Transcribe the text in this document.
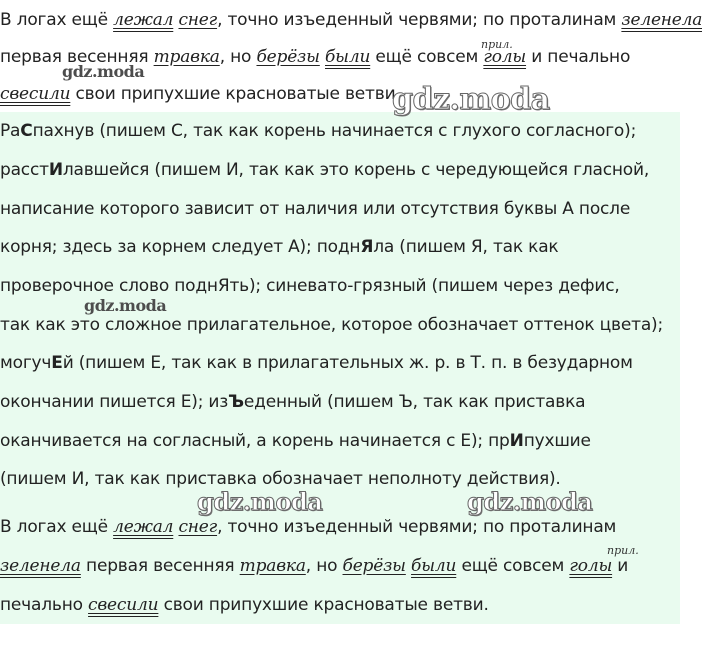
В логах ещё лежал снег, точно изъеденный червями; по проталинам зеленела
прил.
первая весенняя травка, но берёзы были ещё совсем голы и печально
свесили свои припухшие красноватые ветви.
РаСпахнув (пишем С, так как корень начинается с глухого согласного);
расстИлавшейся (пишем И, так как это корень с чередующейся гласной,
написание которого зависит от наличия или отсутствия буквы А после
корня; здесь за корнем следует А); поднЯла (пишем Я, так как
проверочное слово поднЯть); синевато-грязный (пишем через дефис,
так как это сложное прилагательное, которое обозначает оттенок цвета);
могучЕй (пишем Е, так как в прилагательных ж. р. в Т. п. в безударном
окончании пишется Е); изЪеденный (пишем Ъ, так как приставка
оканчивается на согласный, а корень начинается с Е); прИпухшие
(пишем И, так как приставка обозначает неполноту действия).
В логах ещё лежал снег, точно изъеденный червями; по проталинам
прил.
зеленела первая весенняя травка, но берёзы были ещё совсем голы и
печально свесили свои припухшие красноватые ветви.
gdz.moda
gdz.moda
gdz.moda
gdz.moda	gdz.moda
